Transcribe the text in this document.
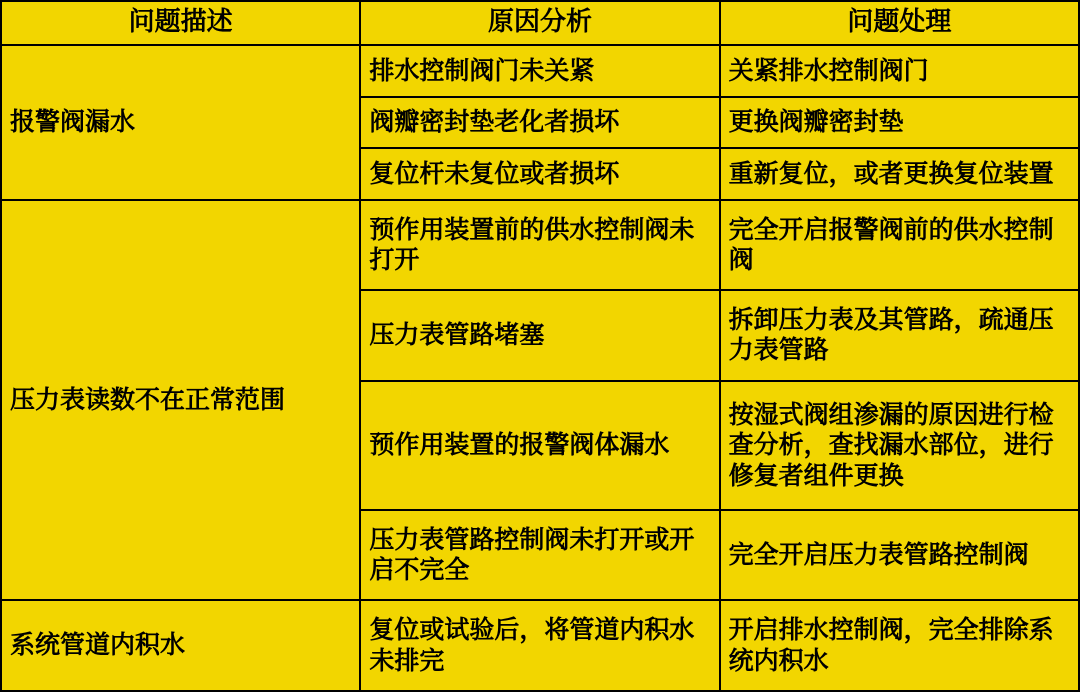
问题描述	原因分析	问题处理
报警阀漏水	排水控制阀门未关紧	关紧排水控制阀门
	阀瓣密封垫老化者损坏	更换阀瓣密封垫
	复位杆未复位或者损坏	重新复位，或者更换复位装置
压力表读数不在正常范围	预作用装置前的供水控制阀未打开	完全开启报警阀前的供水控制阀
	压力表管路堵塞	拆卸压力表及其管路，疏通压力表管路
	预作用装置的报警阀体漏水	按湿式阀组渗漏的原因进行检查分析，查找漏水部位，进行修复者组件更换
	压力表管路控制阀未打开或开启不完全	完全开启压力表管路控制阀
系统管道内积水	复位或试验后，将管道内积水未排完	开启排水控制阀，完全排除系统内积水
